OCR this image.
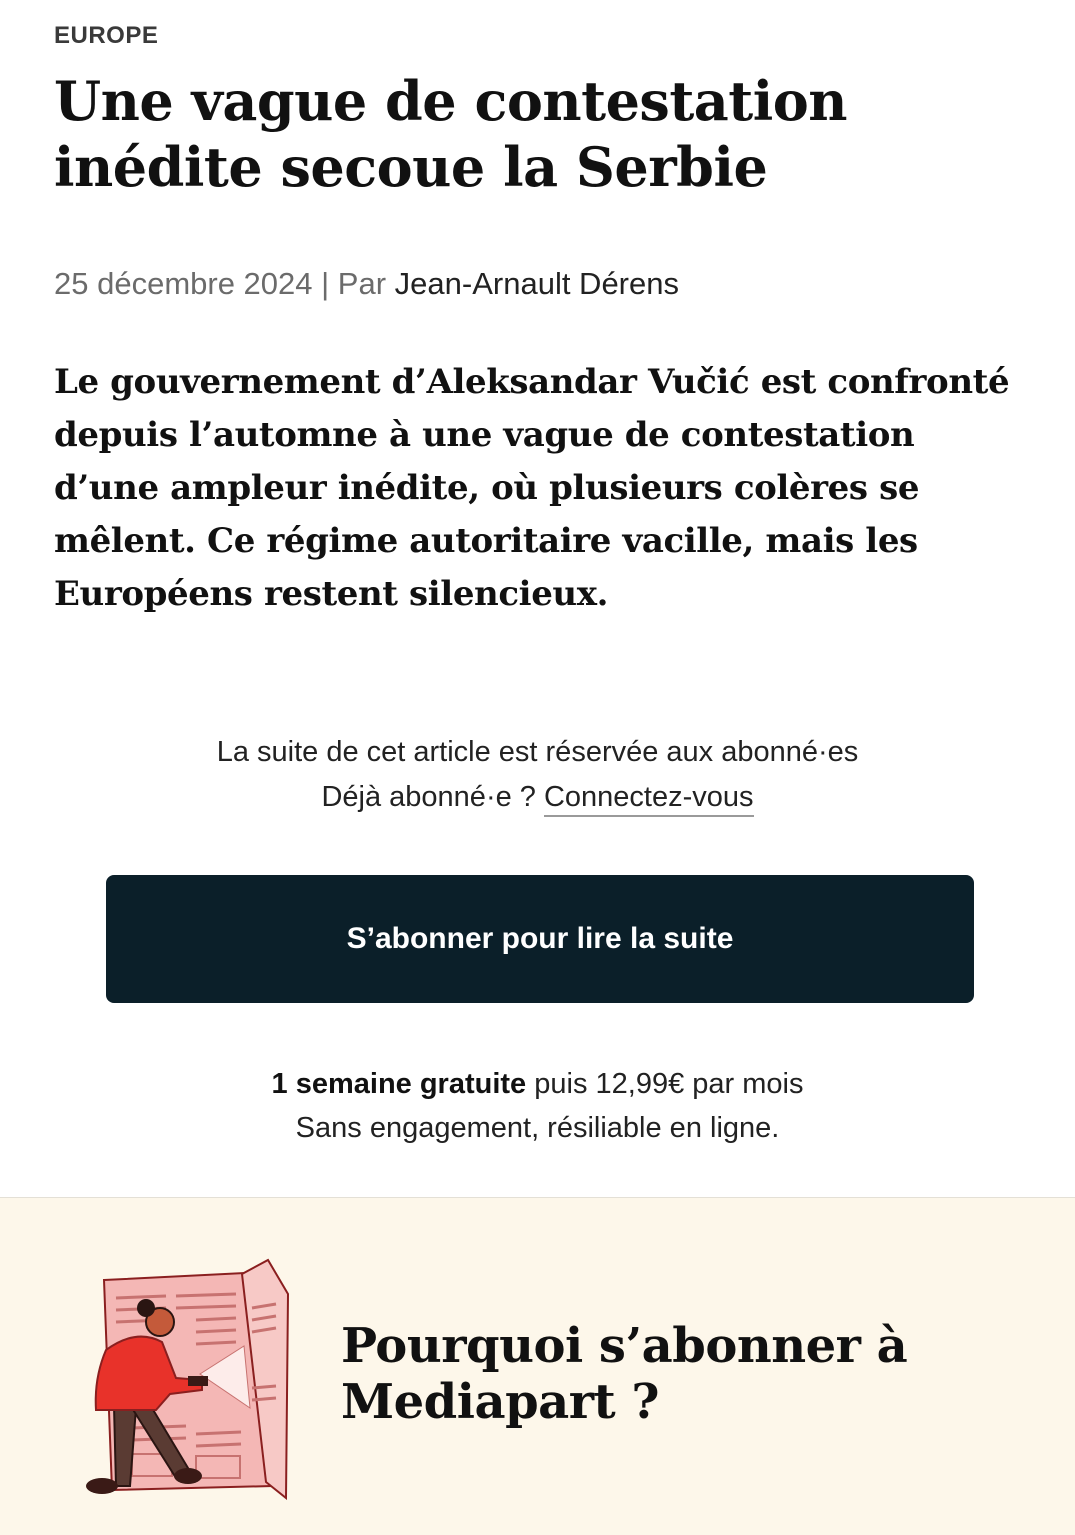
EUROPE
Une vague de contestation inédite secoue la Serbie
25 décembre 2024 | Par Jean-Arnault Dérens

Le gouvernement d’Aleksandar Vučić est confronté depuis l’automne à une vague de contestation d’une ampleur inédite, où plusieurs colères se mêlent. Ce régime autoritaire vacille, mais les Européens restent silencieux.

La suite de cet article est réservée aux abonné·es
Déjà abonné·e ? Connectez-vous
S’abonner pour lire la suite
1 semaine gratuite puis 12,99€ par mois
Sans engagement, résiliable en ligne.
Pourquoi s’abonner à Mediapart ?
